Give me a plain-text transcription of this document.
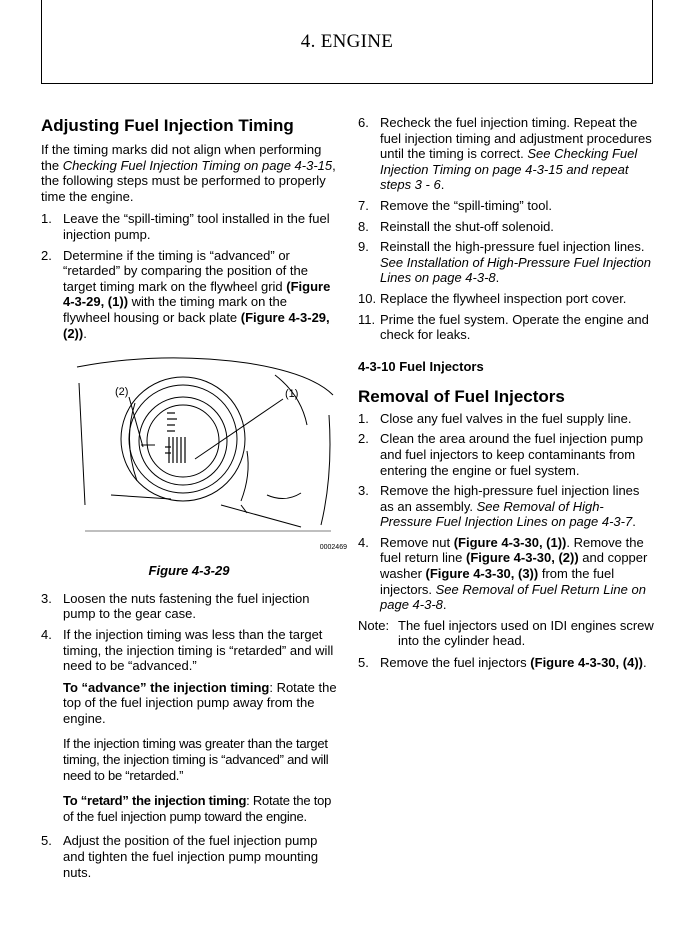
4. ENGINE
Adjusting Fuel Injection Timing

If the timing marks did not align when performing the Checking Fuel Injection Timing on page 4-3-15, the following steps must be performed to properly time the engine.

1. Leave the “spill-timing” tool installed in the fuel injection pump.
2. Determine if the timing is “advanced” or “retarded” by comparing the position of the target timing mark on the flywheel grid (Figure 4-3-29, (1)) with the timing mark on the flywheel housing or back plate (Figure 4-3-29, (2)).
(2)	(1)
0002469
Figure 4-3-29
3. Loosen the nuts fastening the fuel injection pump to the gear case.
4. If the injection timing was less than the target timing, the injection timing is “retarded” and will need to be “advanced.”

To “advance” the injection timing: Rotate the top of the fuel injection pump away from the engine.

If the injection timing was greater than the target timing, the injection timing is “advanced” and will need to be “retarded.”

To “retard” the injection timing: Rotate the top of the fuel injection pump toward the engine.

5. Adjust the position of the fuel injection pump and tighten the fuel injection pump mounting nuts.
6. Recheck the fuel injection timing. Repeat the fuel injection timing and adjustment procedures until the timing is correct. See Checking Fuel Injection Timing on page 4-3-15 and repeat steps 3 - 6.
7. Remove the “spill-timing” tool.
8. Reinstall the shut-off solenoid.
9. Reinstall the high-pressure fuel injection lines. See Installation of High-Pressure Fuel Injection Lines on page 4-3-8.
10. Replace the flywheel inspection port cover.
11. Prime the fuel system. Operate the engine and check for leaks.
4-3-10 Fuel Injectors
Removal of Fuel Injectors
1. Close any fuel valves in the fuel supply line.
2. Clean the area around the fuel injection pump and fuel injectors to keep contaminants from entering the engine or fuel system.
3. Remove the high-pressure fuel injection lines as an assembly. See Removal of High-Pressure Fuel Injection Lines on page 4-3-7.
4. Remove nut (Figure 4-3-30, (1)). Remove the fuel return line (Figure 4-3-30, (2)) and copper washer (Figure 4-3-30, (3)) from the fuel injectors. See Removal of Fuel Return Line on page 4-3-8.
Note: The fuel injectors used on IDI engines screw into the cylinder head.
5. Remove the fuel injectors (Figure 4-3-30, (4)).
